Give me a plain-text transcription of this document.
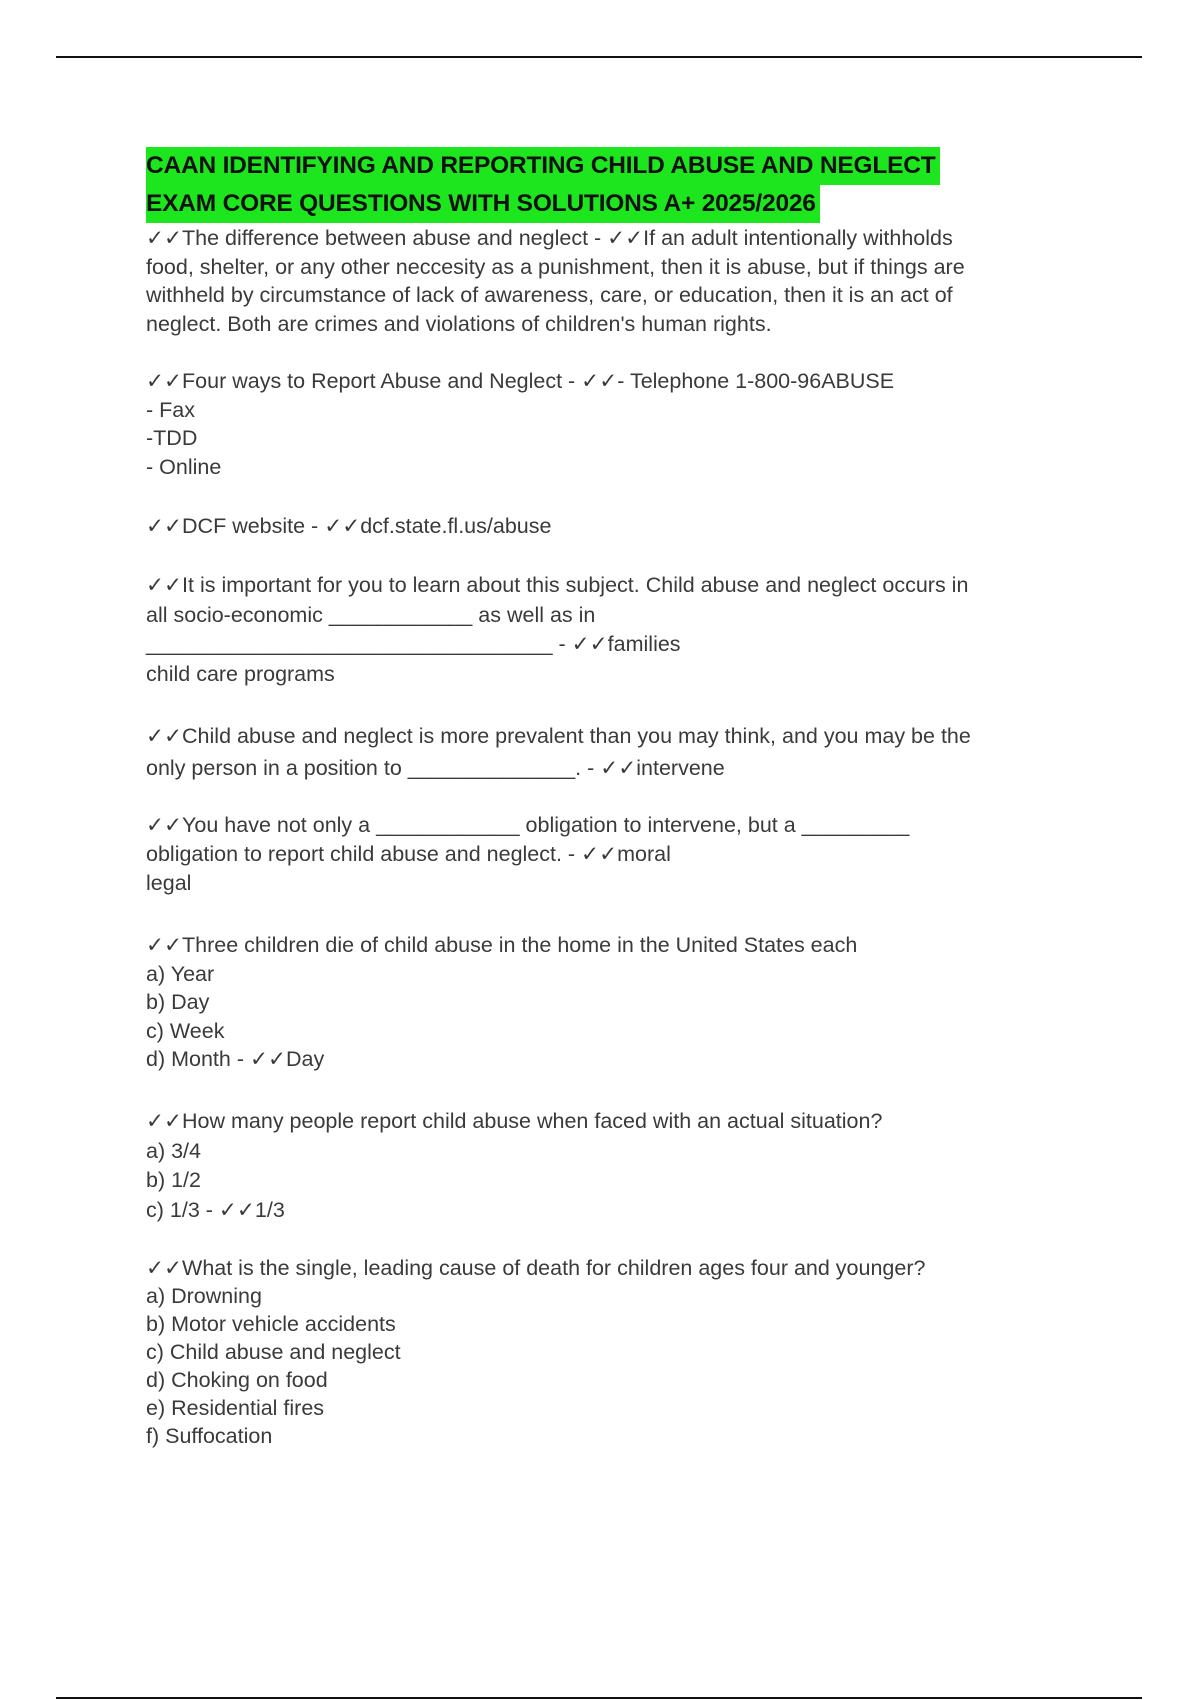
CAAN IDENTIFYING AND REPORTING CHILD ABUSE AND NEGLECT
EXAM CORE QUESTIONS WITH SOLUTIONS A+ 2025/2026
✓✓The difference between abuse and neglect - ✓✓If an adult intentionally withholds
food, shelter, or any other neccesity as a punishment, then it is abuse, but if things are
withheld by circumstance of lack of awareness, care, or education, then it is an act of
neglect. Both are crimes and violations of children's human rights.
✓✓Four ways to Report Abuse and Neglect - ✓✓- Telephone 1-800-96ABUSE
- Fax
-TDD
- Online
✓✓DCF website - ✓✓dcf.state.fl.us/abuse
✓✓It is important for you to learn about this subject. Child abuse and neglect occurs in
all socio-economic ____________ as well as in
__________________________________ - ✓✓families
child care programs
✓✓Child abuse and neglect is more prevalent than you may think, and you may be the
only person in a position to ______________. - ✓✓intervene
✓✓You have not only a ____________ obligation to intervene, but a _________
obligation to report child abuse and neglect. - ✓✓moral
legal
✓✓Three children die of child abuse in the home in the United States each
a) Year
b) Day
c) Week
d) Month - ✓✓Day
✓✓How many people report child abuse when faced with an actual situation?
a) 3/4
b) 1/2
c) 1/3 - ✓✓1/3
✓✓What is the single, leading cause of death for children ages four and younger?
a) Drowning
b) Motor vehicle accidents
c) Child abuse and neglect
d) Choking on food
e) Residential fires
f) Suffocation
